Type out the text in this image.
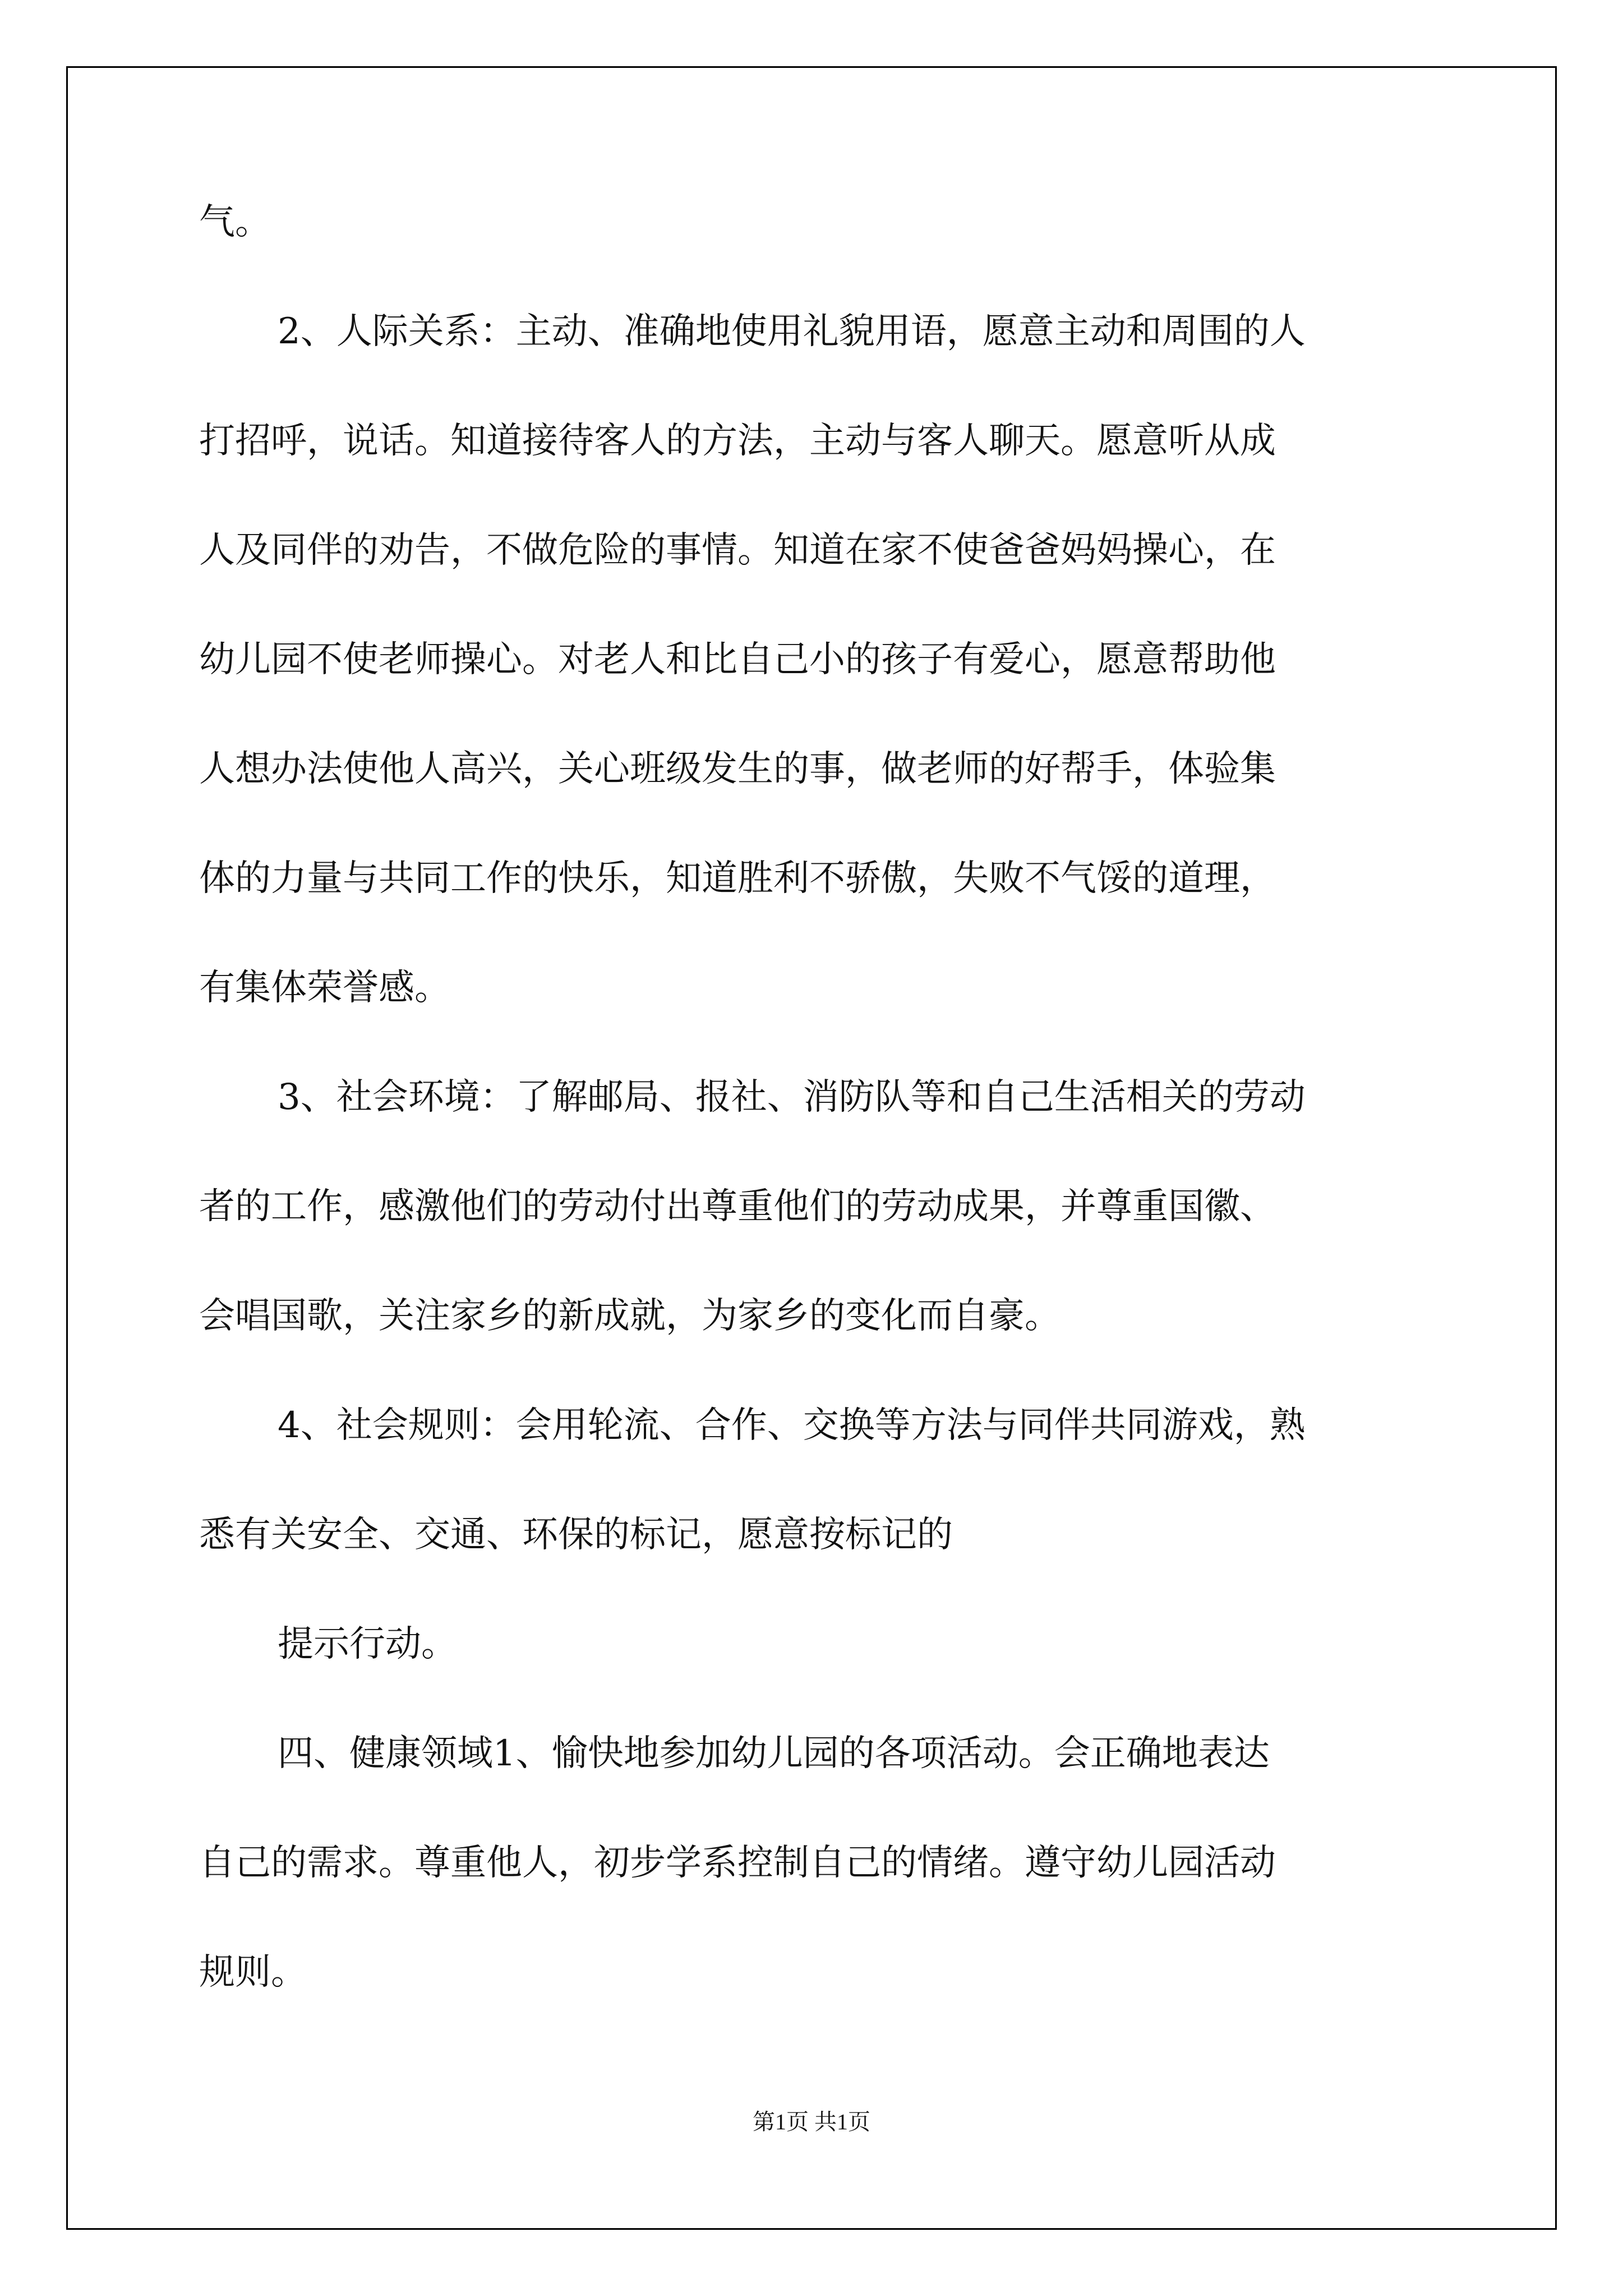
气。

2、人际关系：主动、准确地使用礼貌用语，愿意主动和周围的人

打招呼，说话。知道接待客人的方法，主动与客人聊天。愿意听从成

人及同伴的劝告，不做危险的事情。知道在家不使爸爸妈妈操心，在

幼儿园不使老师操心。对老人和比自己小的孩子有爱心，愿意帮助他

人想办法使他人高兴，关心班级发生的事，做老师的好帮手，体验集

体的力量与共同工作的快乐，知道胜利不骄傲，失败不气馁的道理，

有集体荣誉感。

3、社会环境：了解邮局、报社、消防队等和自己生活相关的劳动

者的工作，感激他们的劳动付出尊重他们的劳动成果，并尊重国徽、

会唱国歌，关注家乡的新成就，为家乡的变化而自豪。

4、社会规则：会用轮流、合作、交换等方法与同伴共同游戏，熟

悉有关安全、交通、环保的标记，愿意按标记的

提示行动。

四、健康领域1、愉快地参加幼儿园的各项活动。会正确地表达

自己的需求。尊重他人，初步学系控制自己的情绪。遵守幼儿园活动

规则。

第1页 共1页
